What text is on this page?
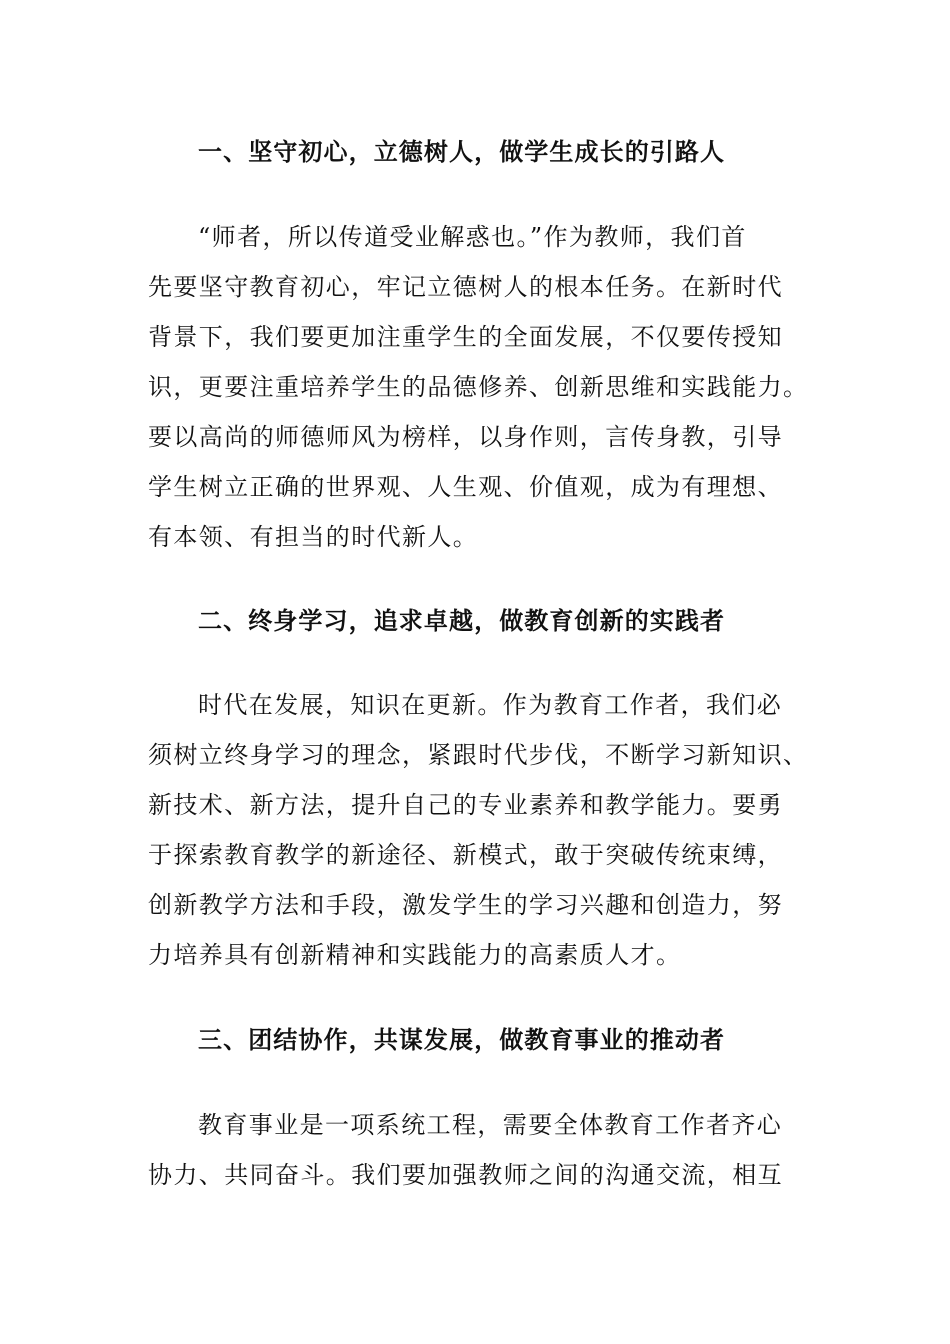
一、坚守初心，立德树人，做学生成长的引路人
“师者，所以传道受业解惑也。”作为教师，我们首
先要坚守教育初心，牢记立德树人的根本任务。在新时代
背景下，我们要更加注重学生的全面发展，不仅要传授知
识，更要注重培养学生的品德修养、创新思维和实践能力。
要以高尚的师德师风为榜样，以身作则，言传身教，引导
学生树立正确的世界观、人生观、价值观，成为有理想、
有本领、有担当的时代新人。
二、终身学习，追求卓越，做教育创新的实践者
时代在发展，知识在更新。作为教育工作者，我们必
须树立终身学习的理念，紧跟时代步伐，不断学习新知识、
新技术、新方法，提升自己的专业素养和教学能力。要勇
于探索教育教学的新途径、新模式，敢于突破传统束缚，
创新教学方法和手段，激发学生的学习兴趣和创造力，努
力培养具有创新精神和实践能力的高素质人才。
三、团结协作，共谋发展，做教育事业的推动者
教育事业是一项系统工程，需要全体教育工作者齐心
协力、共同奋斗。我们要加强教师之间的沟通交流，相互
